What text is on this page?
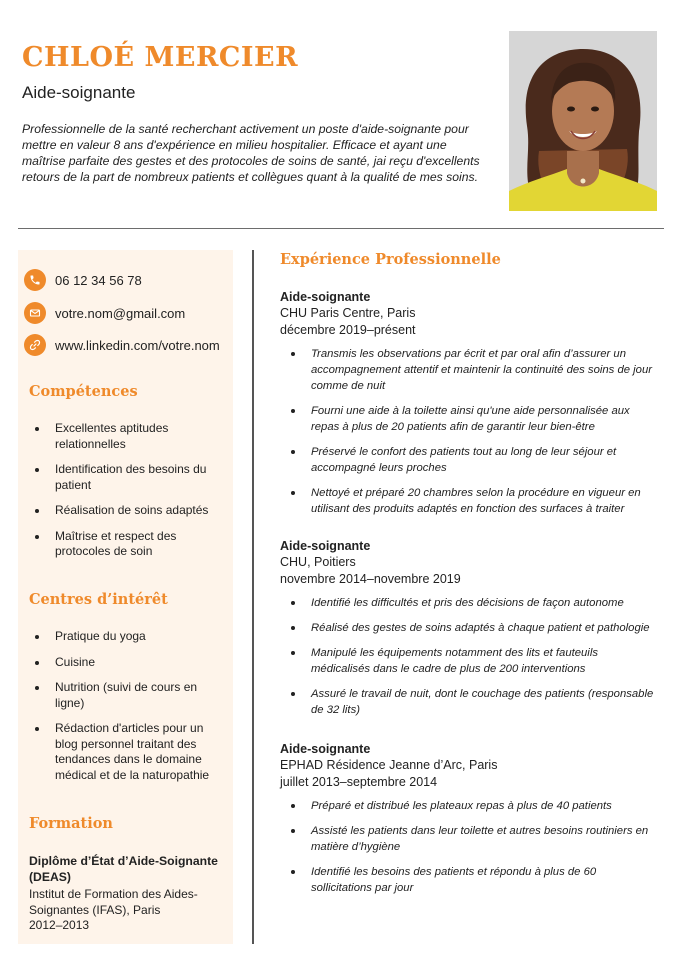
CHLOÉ MERCIER
Aide-soignante

Professionnelle de la santé recherchant activement un poste d'aide-soignante pour mettre en valeur 8 ans d'expérience en milieu hospitalier. Efficace et ayant une maîtrise parfaite des gestes et des protocoles de soins de santé, jai reçu d'excellents retours de la part de nombreux patients et collègues quant à la qualité de mes soins.

06 12 34 56 78
votre.nom@gmail.com
www.linkedin.com/votre.nom
Compétences
Excellentes aptitudes relationnelles
Identification des besoins du patient
Réalisation de soins adaptés
Maîtrise et respect des protocoles de soin
Centres d’intérêt
Pratique du yoga
Cuisine
Nutrition (suivi de cours en ligne)
Rédaction d'articles pour un blog personnel traitant des tendances dans le domaine médical et de la naturopathie
Formation
Diplôme d’État d’Aide-Soignante (DEAS)
Institut de Formation des Aides-Soignantes (IFAS), Paris
2012–2013
Expérience Professionnelle
Aide-soignante
CHU Paris Centre, Paris
décembre 2019–présent
Transmis les observations par écrit et par oral afin d’assurer un accompagnement attentif et maintenir la continuité des soins de jour comme de nuit
Fourni une aide à la toilette ainsi qu'une aide personnalisée aux repas à plus de 20 patients afin de garantir leur bien-être
Préservé le confort des patients tout au long de leur séjour et accompagné leurs proches
Nettoyé et préparé 20 chambres selon la procédure en vigueur en utilisant des produits adaptés en fonction des surfaces à traiter
Aide-soignante
CHU, Poitiers
novembre 2014–novembre 2019
Identifié les difficultés et pris des décisions de façon autonome
Réalisé des gestes de soins adaptés à chaque patient et pathologie
Manipulé les équipements notamment des lits et fauteuils médicalisés dans le cadre de plus de 200 interventions
Assuré le travail de nuit, dont le couchage des patients (responsable de 32 lits)
Aide-soignante
EPHAD Résidence Jeanne d’Arc, Paris
juillet 2013–septembre 2014
Préparé et distribué les plateaux repas à plus de 40 patients
Assisté les patients dans leur toilette et autres besoins routiniers en matière d’hygiène
Identifié les besoins des patients et répondu à plus de 60 sollicitations par jour
